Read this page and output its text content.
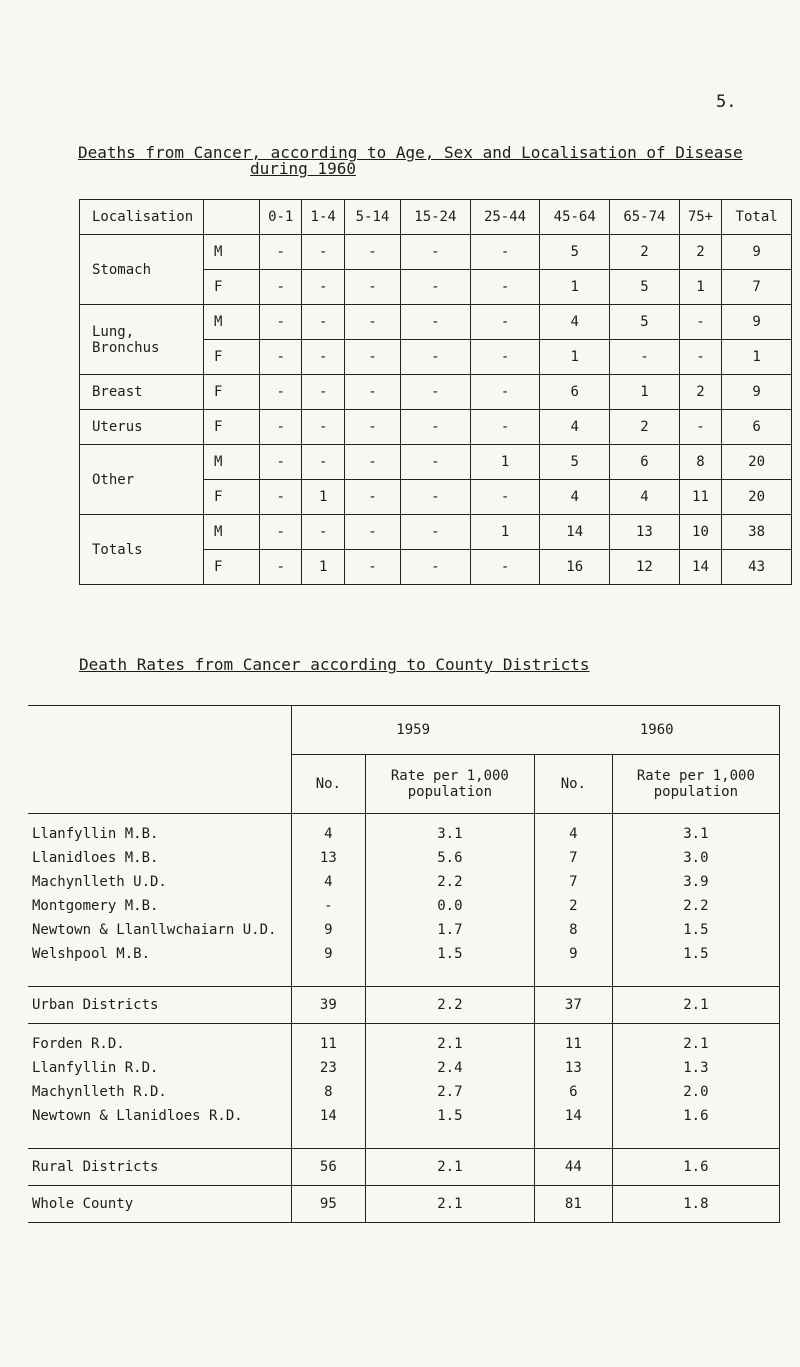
5.
Deaths from Cancer, according to Age, Sex and Localisation of Disease
during 1960
Localisation		0-1	1-4	5-14	15-24	25-44	45-64	65-74	75+	Total
Stomach	M	-	-	-	-	-	5	2	2	9
	F	-	-	-	-	-	1	5	1	7
Lung, Bronchus	M	-	-	-	-	-	4	5	-	9
	F	-	-	-	-	-	1	-	-	1
Breast	F	-	-	-	-	-	6	1	2	9
Uterus	F	-	-	-	-	-	4	2	-	6
Other	M	-	-	-	-	1	5	6	8	20
	F	-	1	-	-	-	4	4	11	20
Totals	M	-	-	-	-	1	14	13	10	38
	F	-	1	-	-	-	16	12	14	43
Death Rates from Cancer according to County Districts
	1959		1960	
	No.	Rate per 1,000 population	No.	Rate per 1,000 population

Llanfyllin M.B.	4	3.1	4	3.1
Llanidloes M.B.	13	5.6	7	3.0
Machynlleth U.D.	4	2.2	7	3.9
Montgomery M.B.	-	0.0	2	2.2
Newtown & Llanllwchaiarn U.D.	9	1.7	8	1.5
Welshpool M.B.	9	1.5	9	1.5

Urban Districts	39	2.2	37	2.1

Forden R.D.	11	2.1	11	2.1
Llanfyllin R.D.	23	2.4	13	1.3
Machynlleth R.D.	8	2.7	6	2.0
Newtown & Llanidloes R.D.	14	1.5	14	1.6

Rural Districts	56	2.1	44	1.6
Whole County	95	2.1	81	1.8
